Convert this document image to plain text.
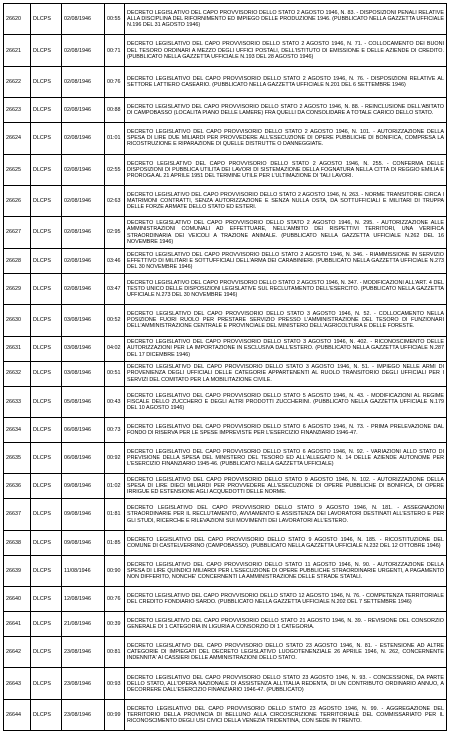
26620	DLCPS	02/08/1946	00:55	DECRETO LEGISLATIVO DEL CAPO PROVVISORIO DELLO STATO 2 AGOSTO 1946, N. 83. - DISPOSIZIONI PENALI RELATIVE ALLA DISCIPLINA DEL RIFORNIMENTO ED IMPIEGO DELLE PRODUZIONE 1946. (PUBBLICATO NELLA GAZZETTA UFFICIALE N.196 DEL 31 AGOSTO 1946)
26621	DLCPS	02/08/1946	00:71	DECRETO LEGISLATIVO DEL CAPO PROVVISORIO DELLO STATO 2 AGOSTO 1946, N. 71. - COLLOCAMENTO DEI BUONI DEL TESORO ORDINARI A MEZZO DEGLI UFFICI POSTALI, DELL'ISTITUTO DI EMISSIONE E DELLE AZIENDE DI CREDITO. (PUBBLICATO NELLA GAZZETTA UFFICIALE N.193 DEL 28 AGOSTO 1946)
26622	DLCPS	02/08/1946	00:76	DECRETO LEGISLATIVO DEL CAPO PROVVISORIO DELLO STATO 2 AGOSTO 1946, N. 76. - DISPOSIZIONI RELATIVE AL SETTORE LATTIERO CASEARIO. (PUBBLICATO NELLA GAZZETTA UFFICIALE N.201 DEL 6 SETTEMBRE 1946)
26623	DLCPS	02/08/1946	00:88	DECRETO LEGISLATIVO DEL CAPO PROVVISORIO DELLO STATO 2 AGOSTO 1946, N. 88. - REINCLUSIONE DELL'ABITATO DI CAMPOBASSO (LOCALITA PIANO DELLE LAMERE) FRA QUELLI DA CONSOLIDARE A TOTALE CARICO DELLO STATO.
26624	DLCPS	02/08/1946	01:01	DECRETO LEGISLATIVO DEL CAPO PROVVISORIO DELLO STATO 2 AGOSTO 1946, N. 101. - AUTORIZZAZIONE DELLA SPESA DI LIRE DUE MILIARDI PER PROVVEDERE ALL'ESECUZIONE DI OPERE PUBBLICHE DI BONIFICA, COMPRESA LA RICOSTRUZIONE E RIPARAZIONE DI QUELLE DISTRUTTE O DANNEGGIATE.
26625	DLCPS	02/08/1946	02:55	DECRETO LEGISLATIVO DEL CAPO PROVVISORIO DELLO STATO 2 AGOSTO 1946, N. 255. - CONFERMA DELLE DISPOSIZIONI DI PUBBLICA UTILITA DEI LAVORI DI SISTEMAZIONE DELLA FOGNATURA NELLA CITTA DI REGGIO EMILIA E PROROGA AL 21 APRILE 1951 DEL TERMINE UTILE PER L'ULTIMAZIONE DI TALI LAVORI.
26626	DLCPS	02/08/1946	02:63	DECRETO LEGISLATIVO DEL CAPO PROVVISORIO DELLO STATO 2 AGOSTO 1946, N. 263. - NORME TRANSITORIE CIRCA I MATRIMONI CONTRATTI, SENZA AUTORIZZAZIONE E SENZA NULLA OSTA, DA SOTTUFFICIALI E MILITARI DI TRUPPA DELLE FORZE ARMATE DELLO STATO ED ESTERI.
26627	DLCPS	02/08/1946	02:95	DECRETO LEGISLATIVO DEL CAPO PROVVISORIO DELLO STATO 2 AGOSTO 1946, N. 295. - AUTORIZZAZIONE ALLE AMMINISTRAZIONI COMUNALI AD EFFETTUARE, NELL'AMBITO DEI RISPETTIVI TERRITORI, UNA VERIFICA STRAORDINARIA DEI VEICOLI A TRAZIONE ANIMALE. (PUBBLICATO NELLA GAZZETTA UFFICIALE N.262 DEL 16 NOVEMBRE 1946)
26628	DLCPS	02/08/1946	03:46	DECRETO LEGISLATIVO DEL CAPO PROVVISORIO DELLO STATO 2 AGOSTO 1946, N. 346. - RIAMMISSIONE IN SERVIZIO EFFETTIVO DI MILITARI E SOTTUFFICIALI DELL'ARMA DEI CARABINIERI. (PUBBLICATO NELLA GAZZETTA UFFICIALE N.273 DEL 30 NOVEMBRE 1946)
26629	DLCPS	02/08/1946	03:47	DECRETO LEGISLATIVO DEL CAPO PROVVISORIO DELLO STATO 2 AGOSTO 1946, N. 347. - MODIFICAZIONI ALL'ART. 4 DEL TESTO UNICO DELLE DISPOSIZIONI LEGISLATIVE SUL RECLUTAMENTO DELL'ESERCITO. (PUBBLICATO NELLA GAZZETTA UFFICIALE N.273 DEL 30 NOVEMBRE 1946)
26630	DLCPS	03/08/1946	00:52	DECRETO LEGISLATIVO DEL CAPO PROVVISORIO DELLO STATO 3 AGOSTO 1946, N. 52. - COLLOCAMENTO NELLA POSIZIONE FUORI RUOLO PER PRESTARE SERVIZIO PRESSO L'AMMINISTRAZIONE DEL TESORO DI FUNZIONARI DELL'AMMINISTRAZIONE CENTRALE E PROVINCIALE DEL MINISTERO DELL'AGRICOLTURA E DELLE FORESTE.
26631	DLCPS	03/08/1946	04:02	DECRETO LEGISLATIVO DEL CAPO PROVVISORIO DELLO STATO 3 AGOSTO 1946, N. 402. - RICONOSCIMENTO DELLE AUTORIZZAZIONI PER LA IMPORTAZIONE IN ESCLUSIVA DALL'ESTERO. (PUBBLICATO NELLA GAZZETTA UFFICIALE N.287 DEL 17 DICEMBRE 1946)
26632	DLCPS	03/08/1946	00:51	DECRETO LEGISLATIVO DEL CAPO PROVVISORIO DELLO STATO 3 AGOSTO 1946, N. 51. - IMPIEGO NELLE ARMI DI PROVENIENZA DEGLI UFFICIALI DELLE CATEGORIE APPARTENENTI AL RUOLO TRANSITORIO DEGLI UFFICIALI PER I SERVIZI DEL COMITATO PER LA MOBILITAZIONE CIVILE.
26633	DLCPS	05/08/1946	00:43	DECRETO LEGISLATIVO DEL CAPO PROVVISORIO DELLO STATO 5 AGOSTO 1946, N. 43. - MODIFICAZIONI AL REGIME FISCALE DELLO ZUCCHERO E DEGLI ALTRI PRODOTTI ZUCCHERINI. (PUBBLICATO NELLA GAZZETTA UFFICIALE N.179 DEL 10 AGOSTO 1946)
26634	DLCPS	06/08/1946	00:73	DECRETO LEGISLATIVO DEL CAPO PROVVISORIO DELLO STATO 6 AGOSTO 1946, N. 73. - PRIMA PRELEVAZIONE DAL FONDO DI RISERVA PER LE SPESE IMPREVISTE PER L'ESERCIZIO FINANZIARIO 1946-47.
26635	DLCPS	06/08/1946	00:92	DECRETO LEGISLATIVO DEL CAPO PROVVISORIO DELLO STATO 6 AGOSTO 1946, N. 92. - VARIAZIONI ALLO STATO DI PREVISIONE DELLA SPESA DEL MINISTERO DEL TESORO ED ALL'ALLEGATO N. 14 DELLE AZIENDE AUTONOME PER L'ESERCIZIO FINANZIARIO 1945-46. (PUBBLICATO NELLA GAZZETTA UFFICIALE)
26636	DLCPS	09/08/1946	01:02	DECRETO LEGISLATIVO DEL CAPO PROVVISORIO DELLO STATO 9 AGOSTO 1946, N. 102. - AUTORIZZAZIONE DELLA SPESA DI LIRE DIECI MILIARDI PER PROVVEDERE ALL'ESECUZIONE DI OPERE PUBBLICHE DI BONIFICA, DI OPERE IRRIGUE ED ESTENSIONE AGLI ACQUEDOTTI DELLE NORME.
26637	DLCPS	09/08/1946	01:81	DECRETO LEGISLATIVO DEL CAPO PROVVISORIO DELLO STATO 9 AGOSTO 1946, N. 181. - ASSEGNAZIONI STRAORDINARIE PER IL RECLUTAMENTO, AVVIAMENTO E ASSISTENZA DEI LAVORATORI DESTINATI ALL'ESTERO E PER GLI STUDI, RICERCHE E RILEVAZIONI SUI MOVIMENTI DEI LAVORATORI ALL'ESTERO.
26638	DLCPS	09/08/1946	01:85	DECRETO LEGISLATIVO DEL CAPO PROVVISORIO DELLO STATO 9 AGOSTO 1946, N. 185. - RICOSTITUZIONE DEL COMUNE DI CASTELVERRINO (CAMPOBASSO). (PUBBLICATO NELLA GAZZETTA UFFICIALE N.232 DEL 12 OTTOBRE 1946)
26639	DLCPS	11/08/1946	00:90	DECRETO LEGISLATIVO DEL CAPO PROVVISORIO DELLO STATO 11 AGOSTO 1946, N. 90. - AUTORIZZAZIONE DELLA SPESA DI LIRE QUINDICI MILIARDI PER L'ESECUZIONE DI OPERE PUBBLICHE STRAORDINARIE URGENTI, A PAGAMENTO NON DIFFERITO, NONCHE' CONCERNENTI LA AMMINISTRAZIONE DELLE STRADE STATALI.
26640	DLCPS	12/08/1946	00:76	DECRETO LEGISLATIVO DEL CAPO PROVVISORIO DELLO STATO 12 AGOSTO 1946, N. 76. - COMPETENZA TERRITORIALE DEL CREDITO FONDIARIO SARDO. (PUBBLICATO NELLA GAZZETTA UFFICIALE N.202 DEL 7 SETTEMBRE 1946)
26641	DLCPS	21/08/1946	00:39	DECRETO LEGISLATIVO DEL CAPO PROVVISORIO DELLO STATO 21 AGOSTO 1946, N. 39. - REVISIONE DEL CONSORZIO GENERALE DI 1 CATEGORIA IN LIGURIA A CONSORZIO DI 1 CATEGORIA.
26642	DLCPS	23/08/1946	00:81	DECRETO LEGISLATIVO DEL CAPO PROVVISORIO DELLO STATO 23 AGOSTO 1946, N. 81. - ESTENSIONE AD ALTRE CATEGORIE DI IMPIEGATI DEL DECRETO LEGISLATIVO LUOGOTENENZIALE 26 APRILE 1946, N. 262, CONCERNENTE INDENNITA' AI CASSIERI DELLE AMMINISTRAZIONI DELLO STATO.
26643	DLCPS	23/08/1946	00:93	DECRETO LEGISLATIVO DEL CAPO PROVVISORIO DELLO STATO 23 AGOSTO 1946, N. 93. - CONCESSIONE, DA PARTE DELLO STATO, ALL'OPERA NAZIONALE DI ASSISTENZA ALL'ITALIA REDENTA, DI UN CONTRIBUTO ORDINARIO ANNUO, A DECORRERE DALL'ESERCIZIO FINANZIARIO 1946-47. (PUBBLICATO)
26644	DLCPS	23/08/1946	00:99	DECRETO LEGISLATIVO DEL CAPO PROVVISORIO DELLO STATO 23 AGOSTO 1946, N. 99. - AGGREGAZIONE DEL TERRITORIO DELLA PROVINCIA DI BELLUNO ALLA CIRCOSCRIZIONE TERRITORIALE DEL COMMISSARIATO PER IL RICONOSCIMENTO DEGLI USI CIVICI DELLA VENEZIA TRIDENTINA, CON SEDE IN TRENTO.
